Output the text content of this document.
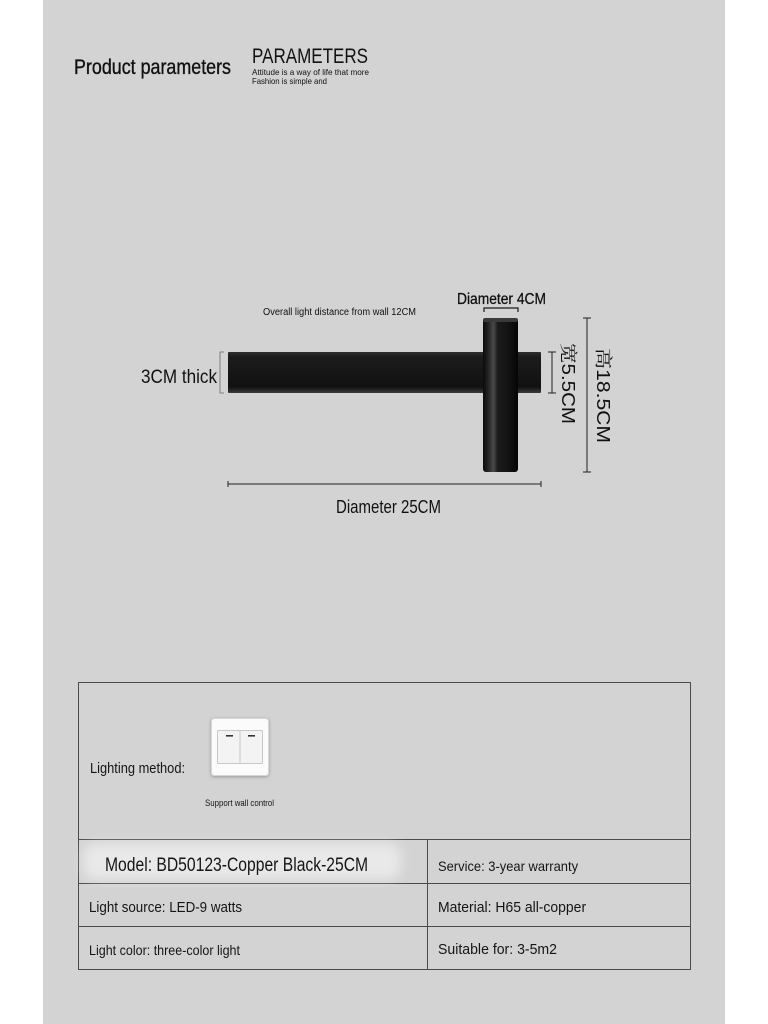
Product parameters PARAMETERS
Attitude is a way of life that more
Fashion is simple and
Diameter 4CM
Overall light distance from wall 12CM
3CM thick	宽5.5CM 高18.5CM
Diameter 25CM
Lighting method:
Support wall control
Model: BD50123-Copper Black-25CM	Service: 3-year warranty
Light source: LED-9 watts	Material: H65 all-copper
Light color: three-color light	Suitable for: 3-5m2
